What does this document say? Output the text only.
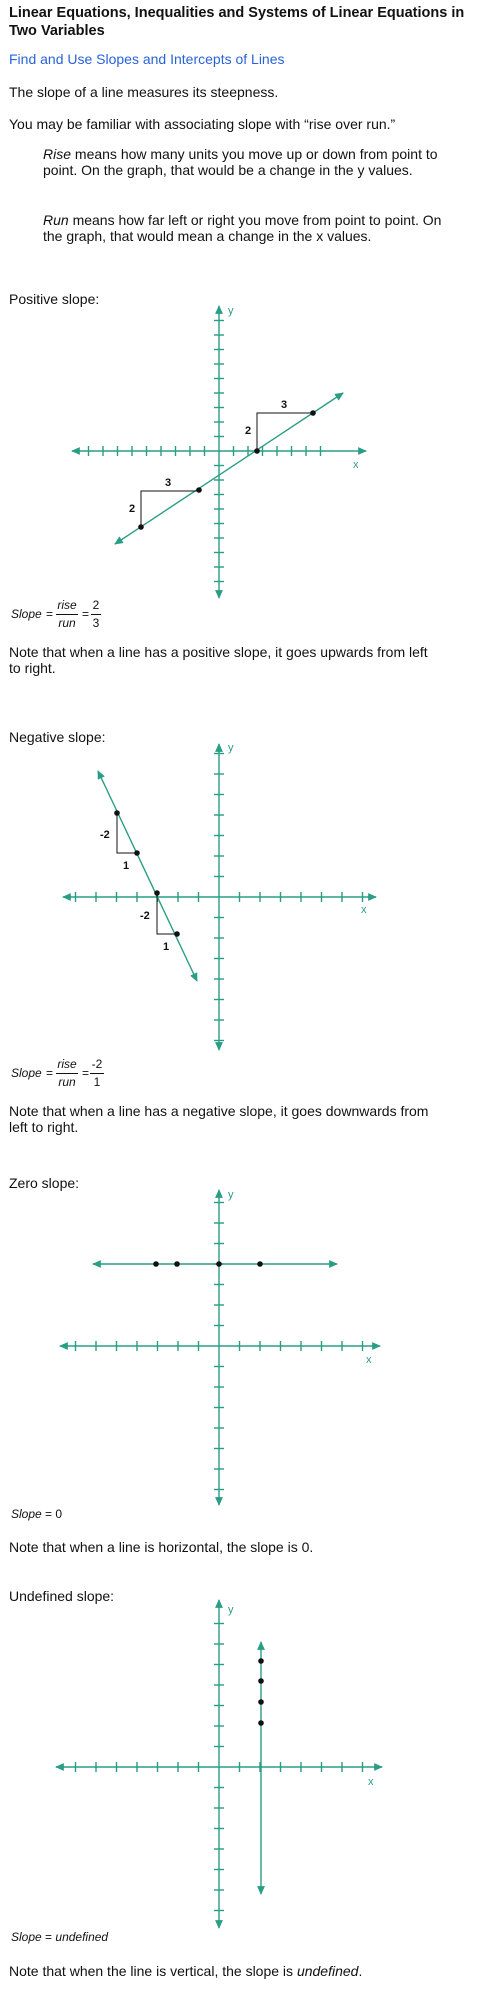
Linear Equations, Inequalities and Systems of Linear Equations in Two Variables
Find and Use Slopes and Intercepts of Lines

The slope of a line measures its steepness.

You may be familiar with associating slope with “rise over run.”

Rise means how many units you move up or down from point to point. On the graph, that would be a change in the y values.

Run means how far left or right you move from point to point. On the graph, that would mean a change in the x values.

Positive slope:
x
y
2
3
2
3
x
y
-2
1
-2
1
x
y
x
y
Slope =
rise
run
=
2
3

Note that when a line has a positive slope, it goes upwards from left to right.

Negative slope:
Slope =
rise
run
=
-2
1

Note that when a line has a negative slope, it goes downwards from left to right.

Zero slope:
Slope = 0

Note that when a line is horizontal, the slope is 0.

Undefined slope:
Slope = undefined

Note that when the line is vertical, the slope is undefined.
